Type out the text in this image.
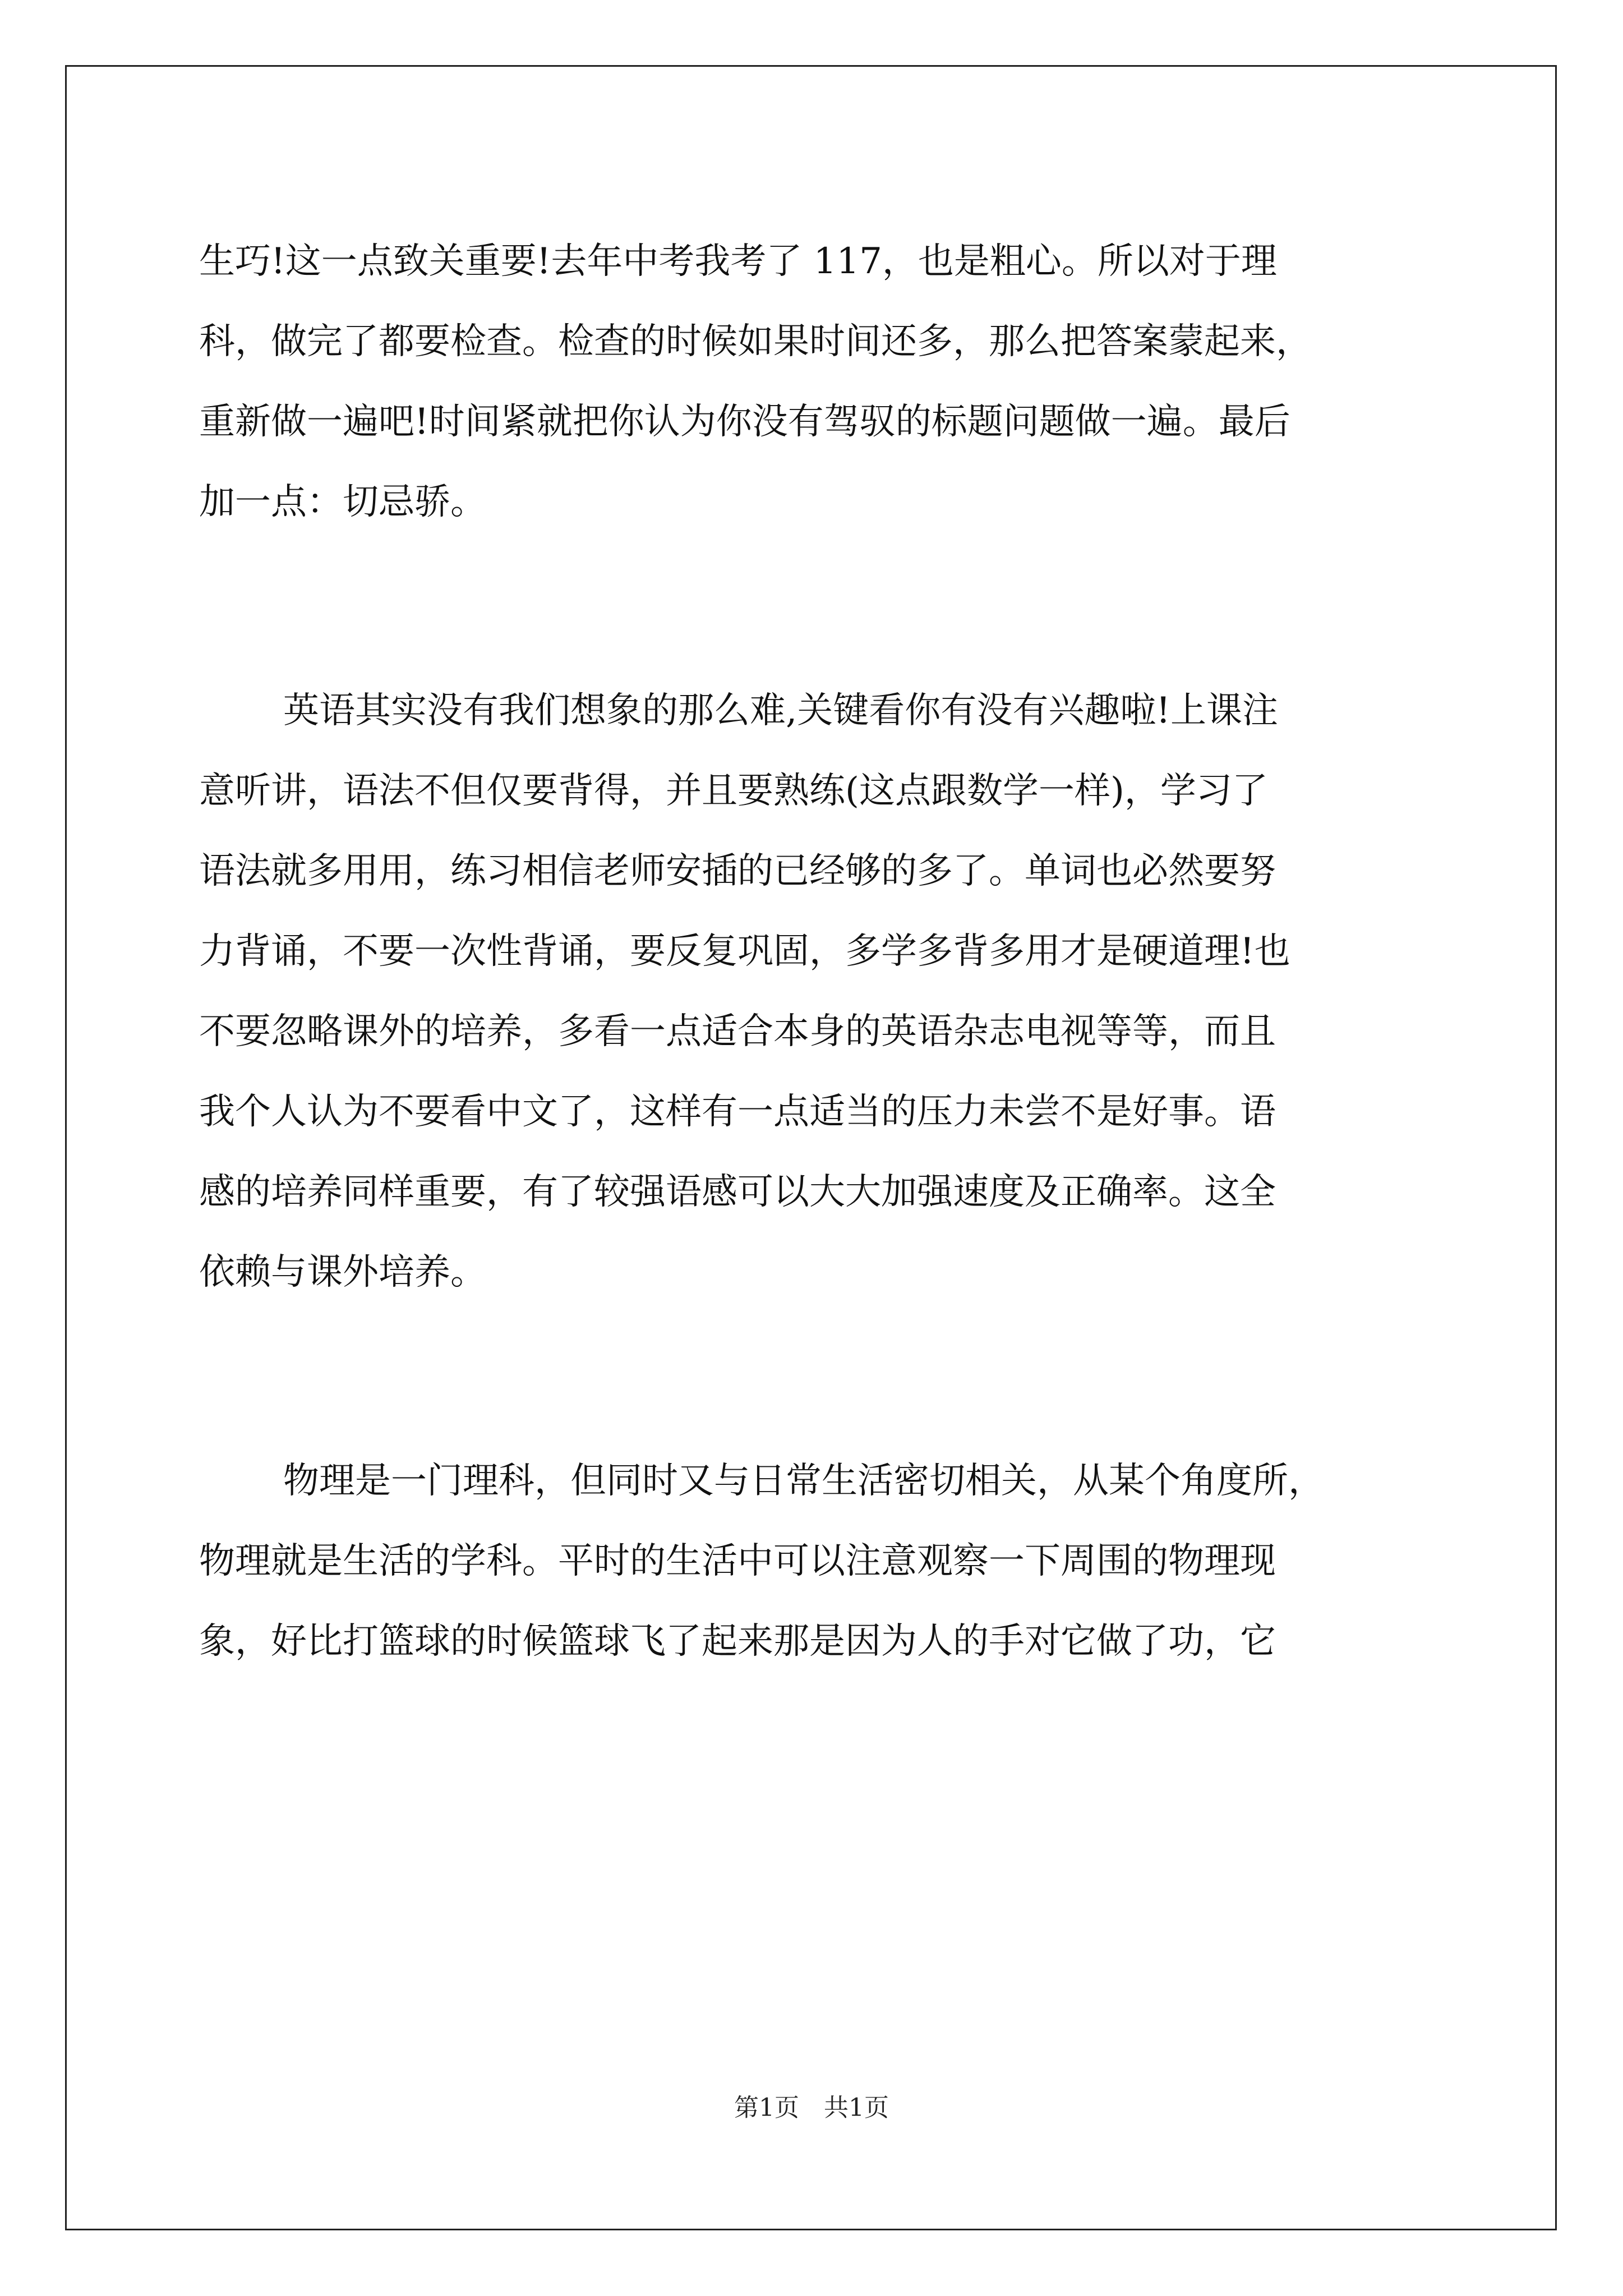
生巧!这一点致关重要!去年中考我考了 117，也是粗心。所以对于理
科，做完了都要检查。检查的时候如果时间还多，那么把答案蒙起来，
重新做一遍吧!时间紧就把你认为你没有驾驭的标题问题做一遍。最后
加一点：切忌骄。
英语其实没有我们想象的那么难,关键看你有没有兴趣啦!上课注
意听讲，语法不但仅要背得，并且要熟练(这点跟数学一样)，学习了
语法就多用用，练习相信老师安插的已经够的多了。单词也必然要努
力背诵，不要一次性背诵，要反复巩固，多学多背多用才是硬道理!也
不要忽略课外的培养，多看一点适合本身的英语杂志电视等等，而且
我个人认为不要看中文了，这样有一点适当的压力未尝不是好事。语
感的培养同样重要，有了较强语感可以大大加强速度及正确率。这全
依赖与课外培养。
物理是一门理科，但同时又与日常生活密切相关，从某个角度所，
物理就是生活的学科。平时的生活中可以注意观察一下周围的物理现
象，好比打篮球的时候篮球飞了起来那是因为人的手对它做了功，它
第1页　共1页
